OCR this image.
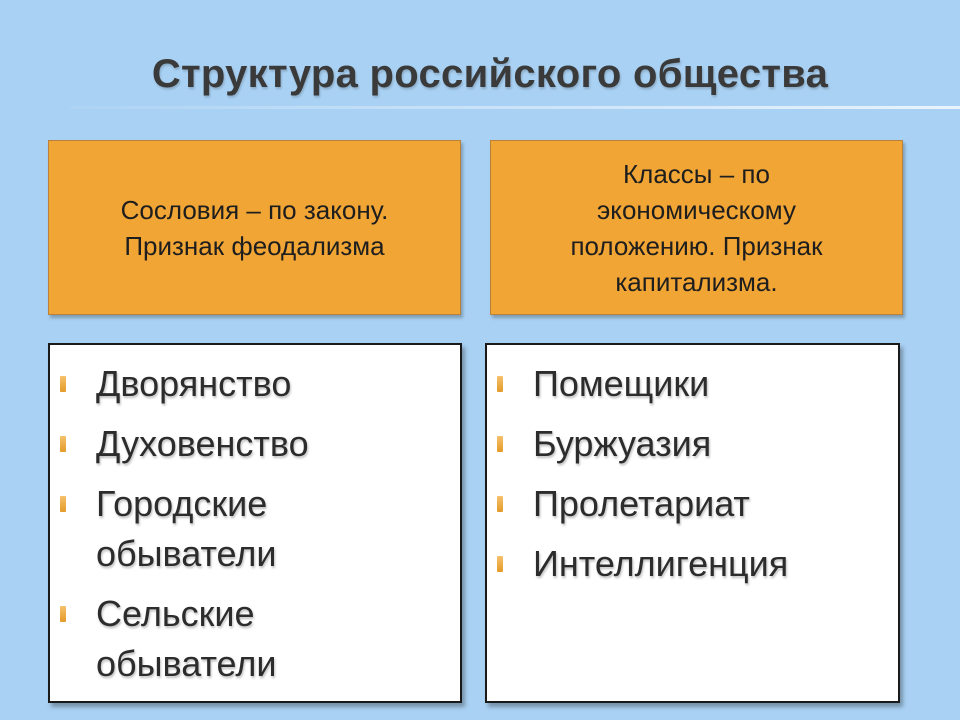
Структура российского общества
Сословия – по закону.
Признак феодализма
Классы – по
экономическому
положению. Признак
капитализма.
Дворянство
Духовенство
Городские
обыватели
Сельские
обыватели
Помещики
Буржуазия
Пролетариат
Интеллигенция
